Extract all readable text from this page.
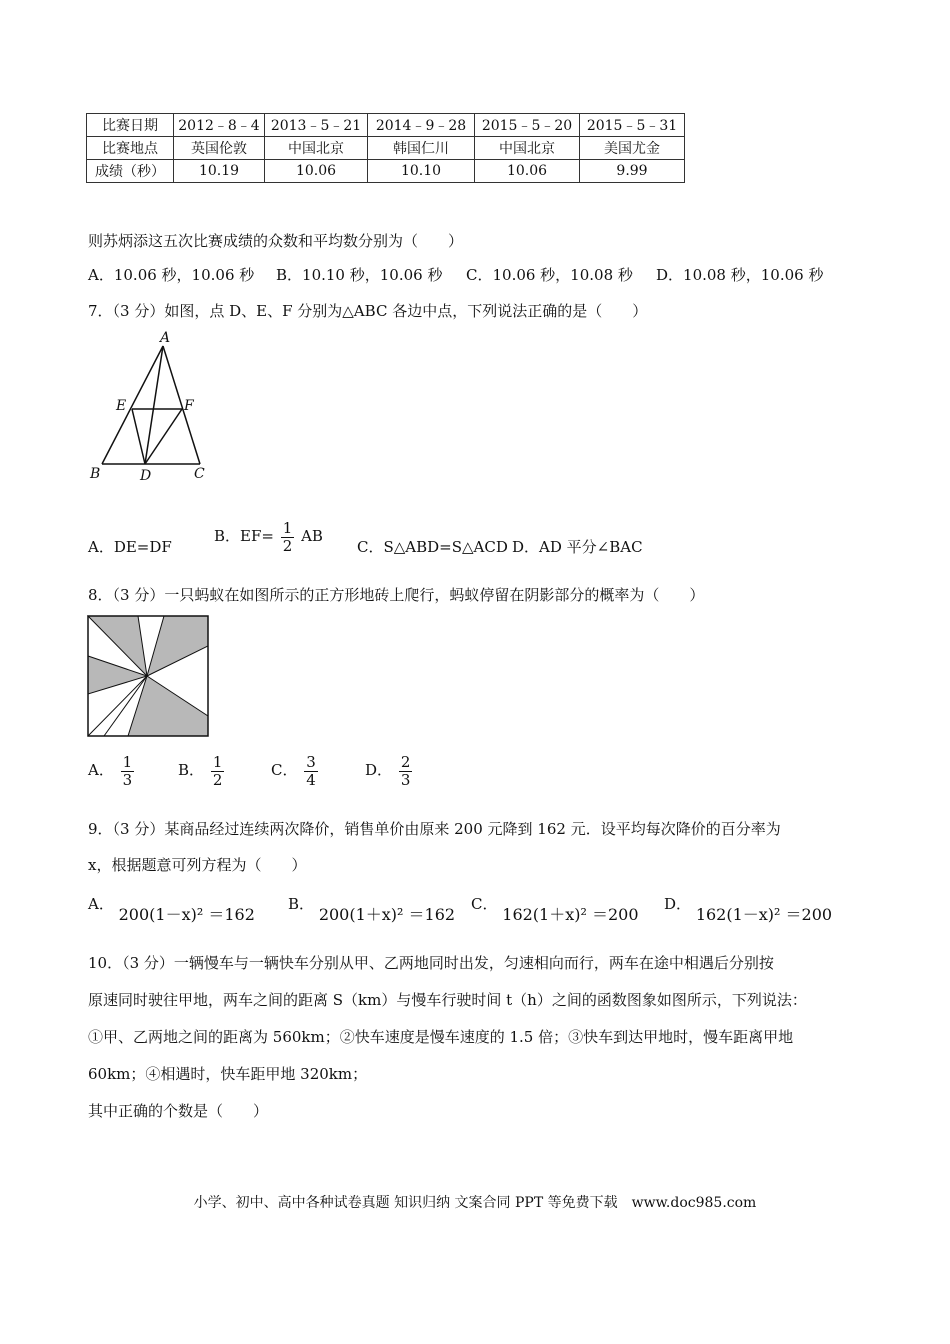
比赛日期	2012﹣8﹣4	2013﹣5﹣21	2014﹣9﹣28	2015﹣5﹣20	2015﹣5﹣31
比赛地点	英国伦敦	中国北京	韩国仁川	中国北京	美国尤金
成绩（秒）	10.19	10.06	10.10	10.06	9.99
则苏炳添这五次比赛成绩的众数和平均数分别为（　　）
A．10.06 秒，10.06 秒 B．10.10 秒，10.06 秒 C．10.06 秒，10.08 秒 D．10.08 秒，10.06 秒
7．（3 分）如图，点 D、E、F 分别为△ABC 各边中点，下列说法正确的是（　　）
A
B	C
D
E	F
A．DE=DF
B．$EF= \frac{1}{2}$ AB
C．S△ABD=S△ACD D．AD 平分∠BAC
8．（3 分）一只蚂蚁在如图所示的正方形地砖上爬行，蚂蚁停留在阴影部分的概率为（　　）
A． $\frac{1}{3}$	B． $\frac{1}{2}$	C． $\frac{3}{4}$	D． $\frac{2}{3}$
9．（3 分）某商品经过连续两次降价，销售单价由原来 200 元降到 162 元．设平均每次降价的百分率为
x，根据题意可列方程为（　　）
A． 200(1－x)² ＝162
B． 200(1＋x)² ＝162
C． 162(1＋x)² ＝200
D． 162(1－x)² ＝200
10．（3 分）一辆慢车与一辆快车分别从甲、乙两地同时出发，匀速相向而行，两车在途中相遇后分别按
原速同时驶往甲地，两车之间的距离 S（km）与慢车行驶时间 t（h）之间的函数图象如图所示，下列说法：
①甲、乙两地之间的距离为 560km；②快车速度是慢车速度的 1.5 倍；③快车到达甲地时，慢车距离甲地
60km；④相遇时，快车距甲地 320km；
其中正确的个数是（　　）
小学、初中、高中各种试卷真题 知识归纳 文案合同 PPT 等免费下载　www.doc985.com
